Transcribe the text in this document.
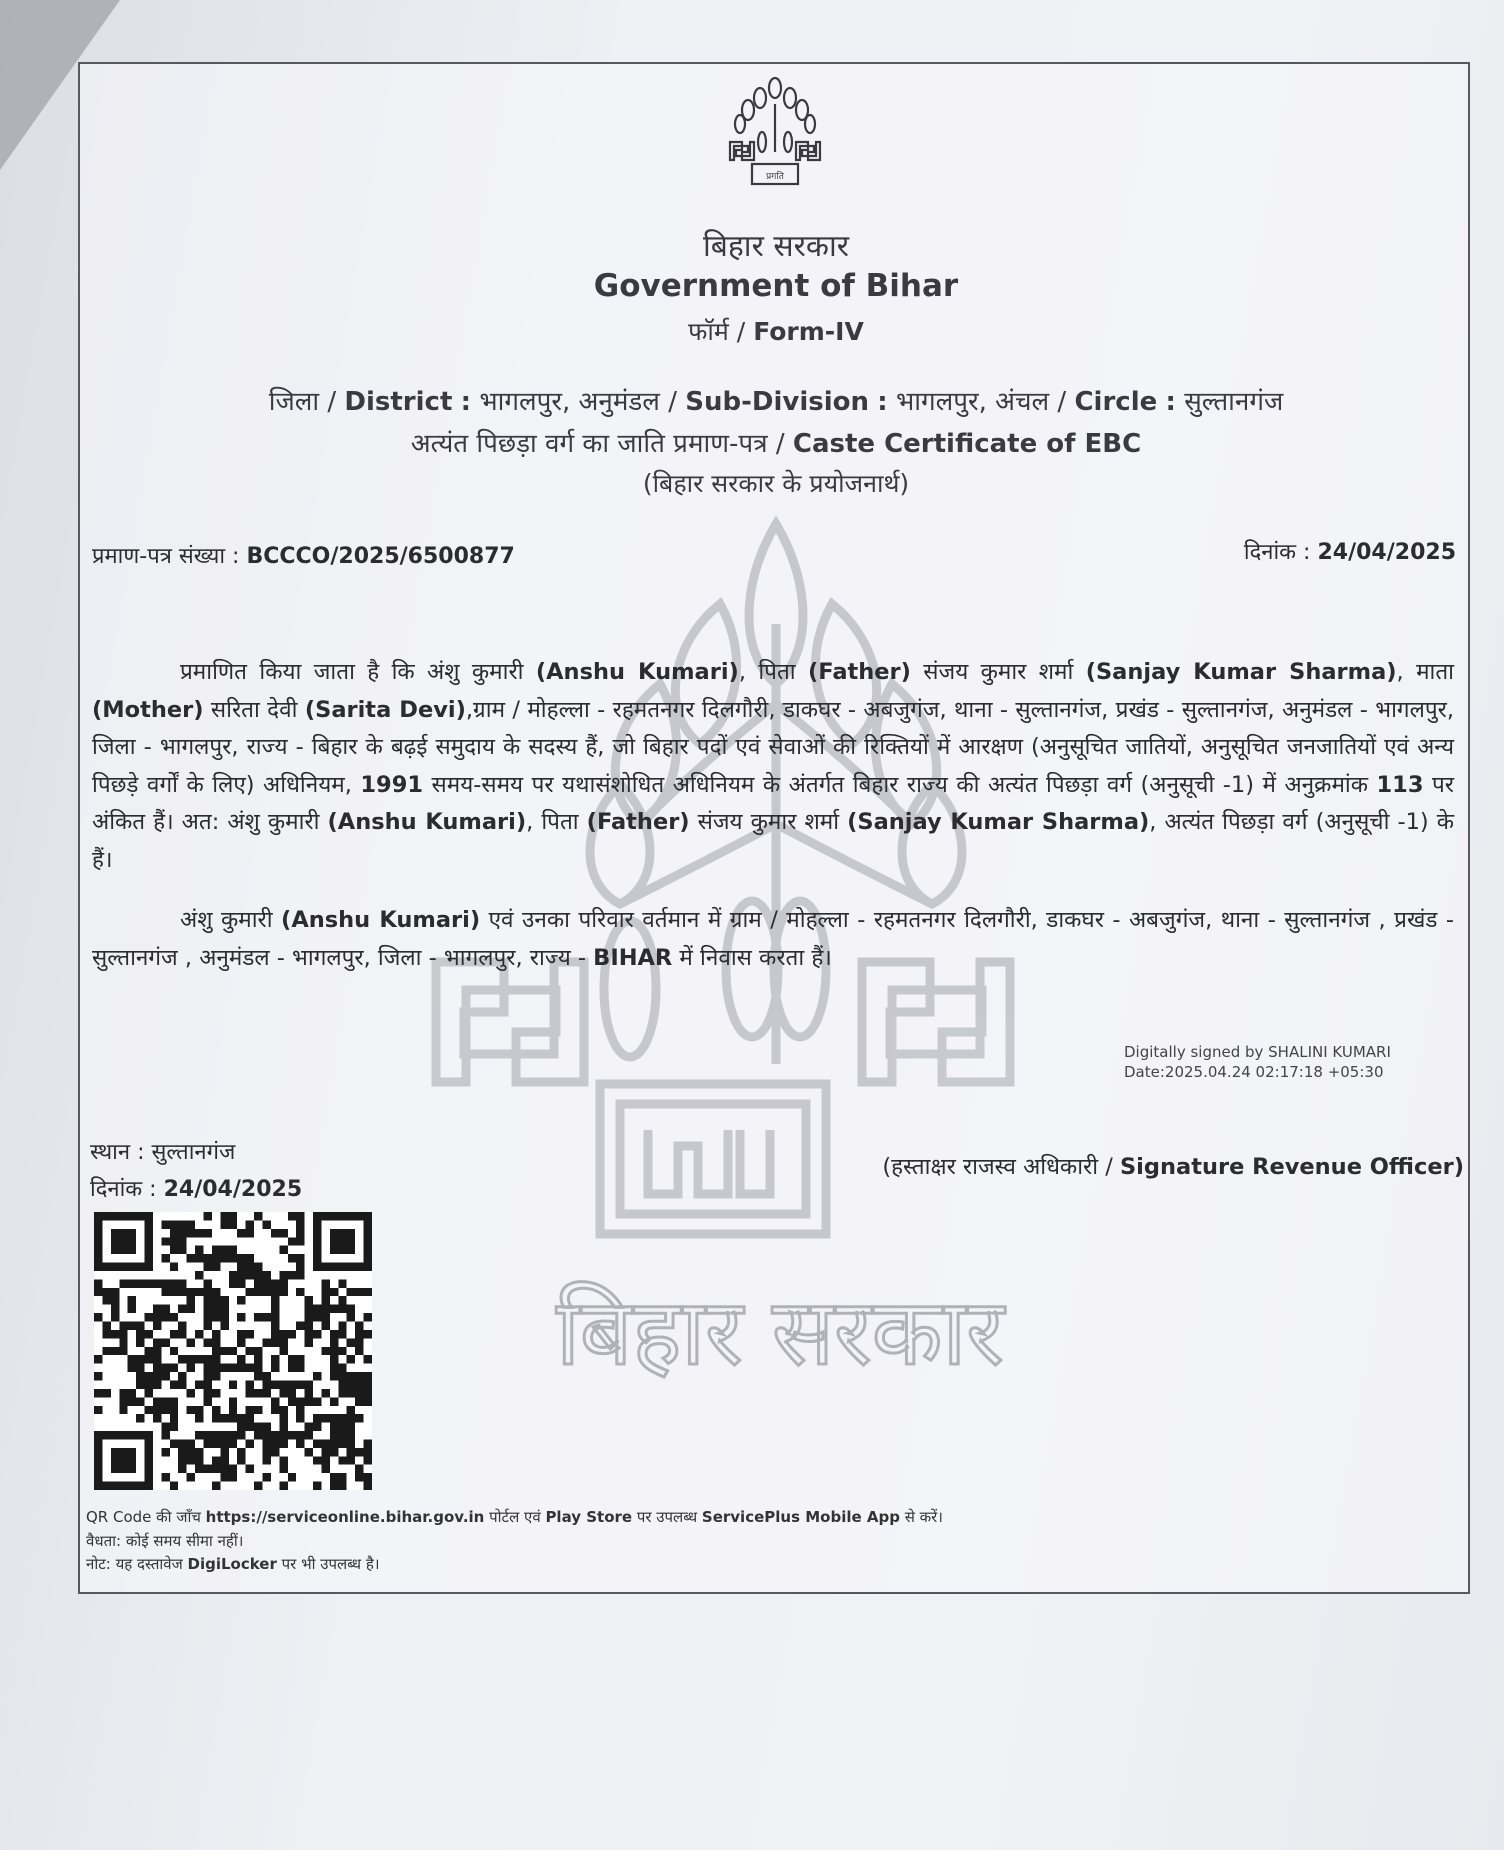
बिहार सरकार
प्रगति
बिहार सरकार
Government of Bihar
फॉर्म / Form-IV
जिला / District : भागलपुर, अनुमंडल / Sub-Division : भागलपुर, अंचल / Circle : सुल्तानगंज
अत्यंत पिछड़ा वर्ग का जाति प्रमाण-पत्र / Caste Certificate of EBC
(बिहार सरकार के प्रयोजनार्थ)
प्रमाण-पत्र संख्या : BCCCO/2025/6500877	दिनांक : 24/04/2025
प्रमाणित किया जाता है कि अंशु कुमारी (Anshu Kumari), पिता (Father) संजय कुमार शर्मा (Sanjay Kumar Sharma), माता (Mother) सरिता देवी (Sarita Devi),ग्राम / मोहल्ला - रहमतनगर दिलगौरी, डाकघर - अबजुगंज, थाना - सुल्तानगंज, प्रखंड - सुल्तानगंज, अनुमंडल - भागलपुर, जिला - भागलपुर, राज्य - बिहार के बढ़ई समुदाय के सदस्य हैं, जो बिहार पदों एवं सेवाओं की रिक्तियों में आरक्षण (अनुसूचित जातियों, अनुसूचित जनजातियों एवं अन्य पिछड़े वर्गों के लिए) अधिनियम, 1991 समय-समय पर यथासंशोधित अधिनियम के अंतर्गत बिहार राज्य की अत्यंत पिछड़ा वर्ग (अनुसूची -1) में अनुक्रमांक 113 पर अंकित हैं। अत: अंशु कुमारी (Anshu Kumari), पिता (Father) संजय कुमार शर्मा (Sanjay Kumar Sharma), अत्यंत पिछड़ा वर्ग (अनुसूची -1) के हैं।
अंशु कुमारी (Anshu Kumari) एवं उनका परिवार वर्तमान में ग्राम / मोहल्ला - रहमतनगर दिलगौरी, डाकघर - अबजुगंज, थाना - सुल्तानगंज , प्रखंड - सुल्तानगंज , अनुमंडल - भागलपुर, जिला - भागलपुर, राज्य - BIHAR में निवास करता हैं।
Digitally signed by SHALINI KUMARI
Date:2025.04.24 02:17:18 +05:30
स्थान : सुल्तानगंज
दिनांक : 24/04/2025
(हस्ताक्षर राजस्व अधिकारी / Signature Revenue Officer)
QR Code की जाँच https://serviceonline.bihar.gov.in पोर्टल एवं Play Store पर उपलब्ध ServicePlus Mobile App से करें।
वैधता: कोई समय सीमा नहीं।
नोट: यह दस्तावेज DigiLocker पर भी उपलब्ध है।
